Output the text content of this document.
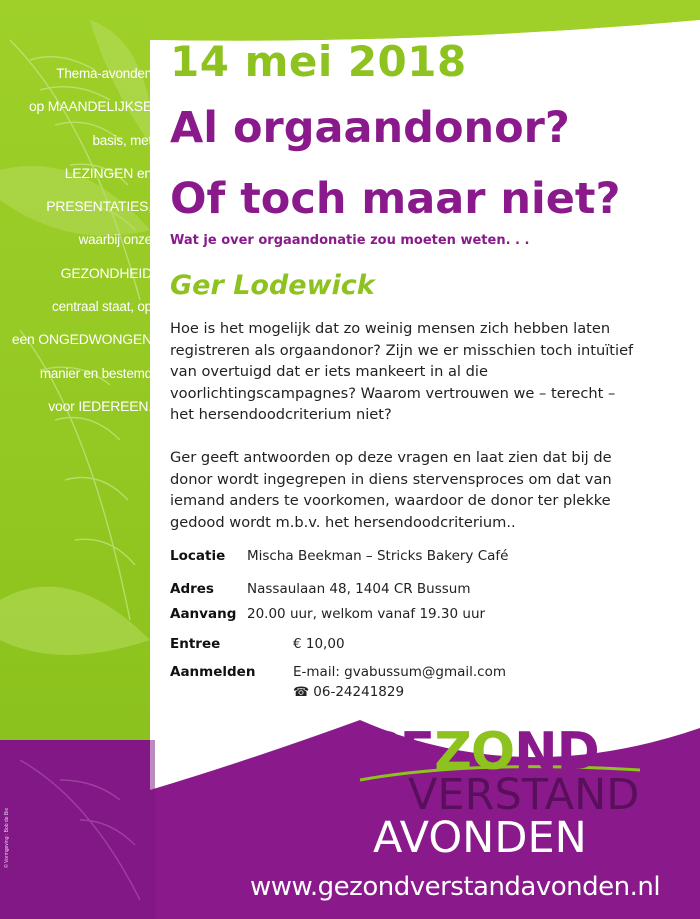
Thema-avonden
op MAANDELIJKSE
basis, met
LEZINGEN en
PRESENTATIES,
waarbij onze
GEZONDHEID
centraal staat, op
een ONGEDWONGEN
manier en bestemd
voor IEDEREEN.
14 mei 2018
Al orgaandonor?
Of toch maar niet?
Wat je over orgaandonatie zou moeten weten. . .
Ger Lodewick
Hoe is het mogelijk dat zo weinig mensen zich hebben laten registreren als orgaandonor? Zijn we er misschien toch intuïtief van overtuigd dat er iets mankeert in al die voorlichtingscampagnes? Waarom vertrouwen we – terecht – het hersendoodcriterium niet?
Ger geeft antwoorden op deze vragen en laat zien dat bij de donor wordt ingegrepen in diens stervensproces om dat van iemand anders te voorkomen, waardoor de donor ter plekke gedood wordt m.b.v. het hersendoodcriterium..
Locatie Mischa Beekman – Stricks Bakery Café
Adres Nassaulaan 48, 1404 CR Bussum
Aanvang 20.00 uur, welkom vanaf 19.30 uur
Entree	€ 10,00
Aanmelden	E-mail: gvabussum@gmail.com
☎ 06-24241829
GEZOND
VERSTAND
AVONDEN
www.gezondverstandavonden.nl
© Vormgeving : Bob de Bie
